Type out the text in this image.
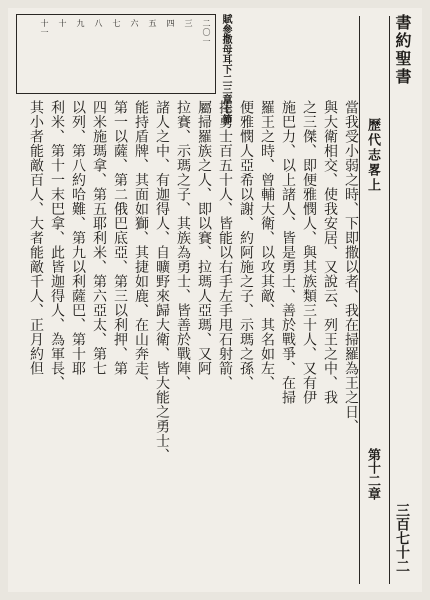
書約聖書
歷代志畧上
第十二章
三百七十二
二〇一
三
四
五
六
七
八
九
十
十一	賦參撒母耳下二三章七節
當我受小弱之時、下即撒以者、我在掃羅為王之日、
與大衛相交、使我安居、又說云、列王之中、我
之三傑、即便雅憫人、與其族類三十人、又有伊
施巴力、以上諸人、皆是勇士、善於戰爭、在掃
羅王之時、曾輔大衛、以攻其敵、其名如左、
便雅憫人亞希以謝、約阿施之子、示瑪之孫、
擇勇士百五十人、皆能以右手左手甩石射箭、
屬掃羅族之人、即以賽、拉瑪人亞瑪、又阿
拉賽、示瑪之子、其族為勇士、皆善於戰陣、
諸人之中、有迦得人、自曠野來歸大衛、皆大能之勇士、
能持盾牌、其面如獅、其捷如鹿、在山奔走、
第一以薩、第二俄巴底亞、第三以利押、第
四米施瑪拿、第五耶利米、第六亞太、第七
以列、第八約哈難、第九以利薩巴、第十耶
利米、第十一末巴拿、此皆迦得人、為軍長、
其小者能敵百人、大者能敵千人、正月約但
